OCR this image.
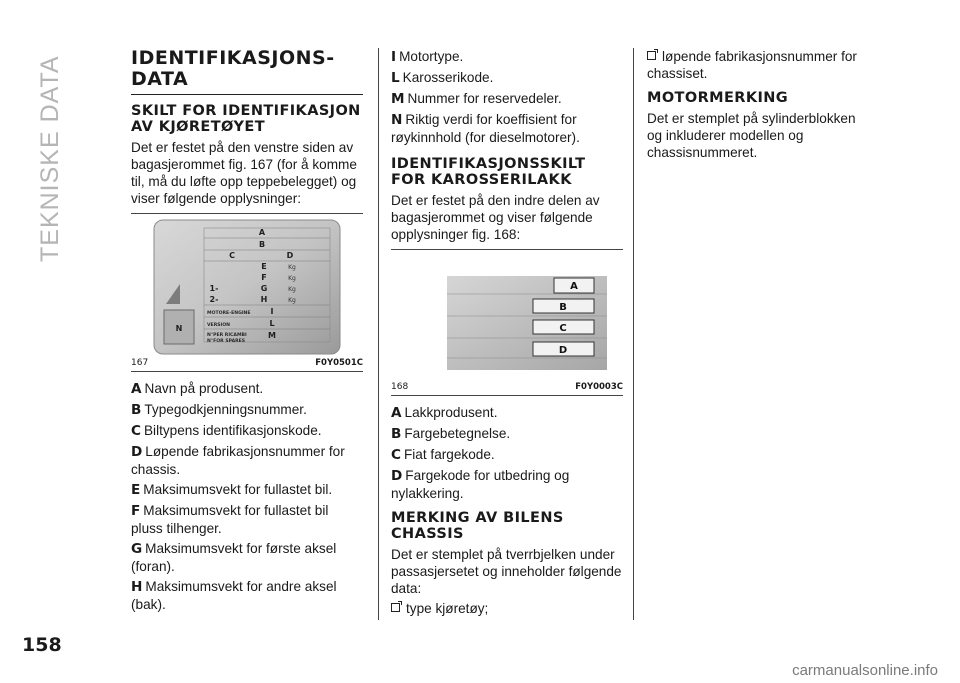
TEKNISKE DATA
158
carmanualsonline.info
IDENTIFIKASJONS-DATA
SKILT FOR IDENTIFIKASJON AV KJØRETØYET
Det er festet på den venstre siden av bagasjerommet fig. 167 (for å komme til, må du løfte opp teppebelegget) og viser følgende opplysninger:
A
B
C	D
E
F
G
H
I
L
M
N
1-
2-
Kg
Kg
Kg
Kg
MOTORE-ENGINE
VERSION
N°PER RICAMBI
N°FOR SPARES
167	F0Y0501C
A Navn på produsent.
B Typegodkjenningsnummer.
C Biltypens identifikasjonskode.
D Løpende fabrikasjonsnummer for chassis.
E Maksimumsvekt for fullastet bil.
F Maksimumsvekt for fullastet bil pluss tilhenger.
G Maksimumsvekt for første aksel (foran).
H Maksimumsvekt for andre aksel (bak).
I Motortype.
L Karosserikode.
M Nummer for reservedeler.
N Riktig verdi for koeffisient for røykinnhold (for dieselmotorer).
IDENTIFIKASJONSSKILT FOR KAROSSERILAKK
Det er festet på den indre delen av bagasjerommet og viser følgende opplysninger fig. 168:
A
B
C
D
168	F0Y0003C
A Lakkprodusent.
B Fargebetegnelse.
C Fiat fargekode.
D Fargekode for utbedring og nylakkering.
MERKING AV BILENS CHASSIS
Det er stemplet på tverrbjelken under passasjersetet og inneholder følgende data:
type kjøretøy;
løpende fabrikasjonsnummer for chassiset.
MOTORMERKING
Det er stemplet på sylinderblokken og inkluderer modellen og chassisnummeret.
